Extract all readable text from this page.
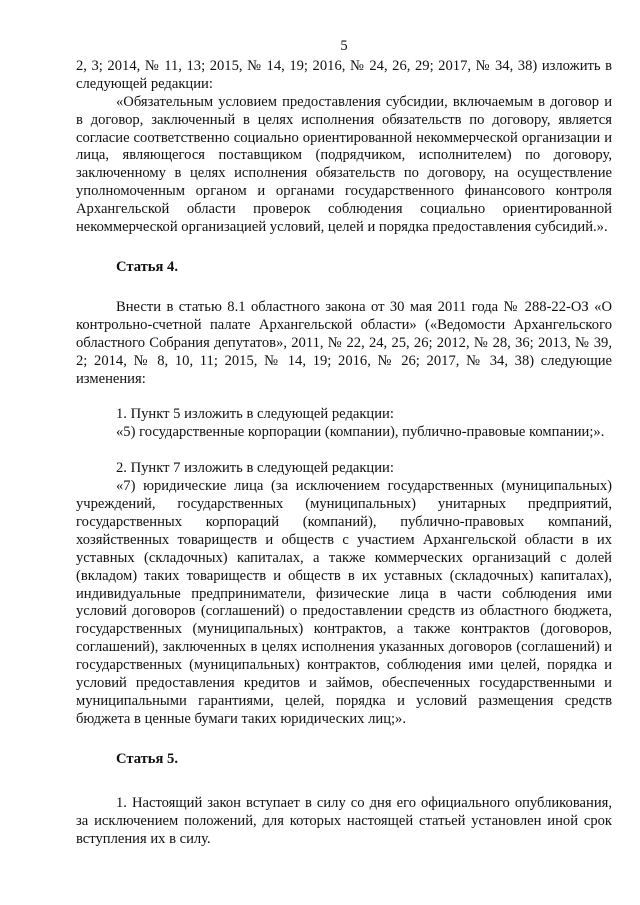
5

2, 3; 2014, № 11, 13; 2015, № 14, 19; 2016, № 24, 26, 29; 2017, № 34, 38) изложить в следующей редакции:

«Обязательным условием предоставления субсидии, включаемым в договор и в договор, заключенный в целях исполнения обязательств по договору, является согласие соответственно социально ориентированной некоммерческой организации и лица, являющегося поставщиком (подрядчиком, исполнителем) по договору, заключенному в целях исполнения обязательств по договору, на осуществление уполномоченным органом и органами государственного финансового контроля Архангельской области проверок соблюдения социально ориентированной некоммерческой организацией условий, целей и порядка предоставления субсидий.».

Статья 4.

Внести в статью 8.1 областного закона от 30 мая 2011 года № 288-22-ОЗ «О контрольно-счетной палате Архангельской области» («Ведомости Архангельского областного Собрания депутатов», 2011, № 22, 24, 25, 26; 2012, № 28, 36; 2013, № 39, 2; 2014, № 8, 10, 11; 2015, № 14, 19; 2016, № 26; 2017, № 34, 38) следующие изменения:

1. Пункт 5 изложить в следующей редакции:

«5) государственные корпорации (компании), публично-правовые компании;».

2. Пункт 7 изложить в следующей редакции:

«7) юридические лица (за исключением государственных (муниципальных) учреждений, государственных (муниципальных) унитарных предприятий, государственных корпораций (компаний), публично-правовых компаний, хозяйственных товариществ и обществ с участием Архангельской области в их уставных (складочных) капиталах, а также коммерческих организаций с долей (вкладом) таких товариществ и обществ в их уставных (складочных) капиталах), индивидуальные предприниматели, физические лица в части соблюдения ими условий договоров (соглашений) о предоставлении средств из областного бюджета, государственных (муниципальных) контрактов, а также контрактов (договоров, соглашений), заключенных в целях исполнения указанных договоров (соглашений) и государственных (муниципальных) контрактов, соблюдения ими целей, порядка и условий предоставления кредитов и займов, обеспеченных государственными и муниципальными гарантиями, целей, порядка и условий размещения средств бюджета в ценные бумаги таких юридических лиц;».

Статья 5.

1. Настоящий закон вступает в силу со дня его официального опубликования, за исключением положений, для которых настоящей статьей установлен иной срок вступления их в силу.
